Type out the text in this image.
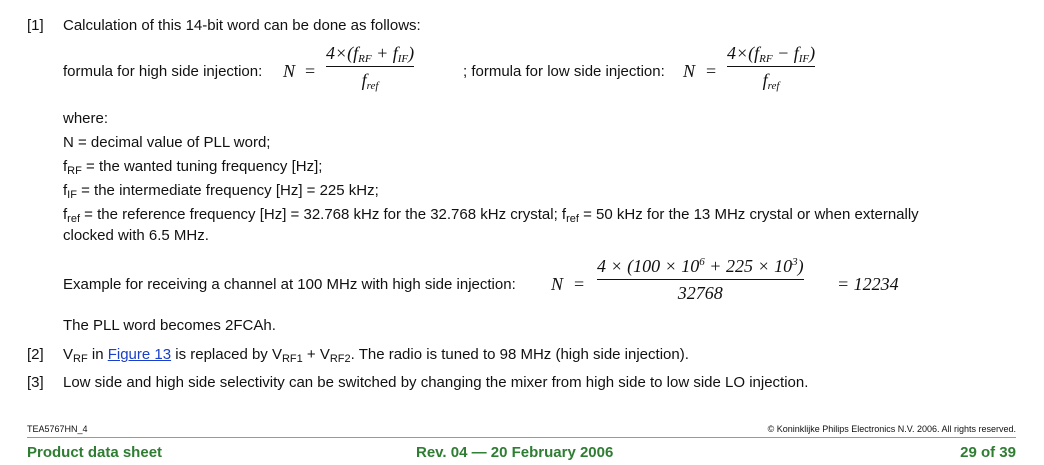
[1] Calculation of this 14-bit word can be done as follows:
formula for high side injection: N =
$4\times(f_{RF} + f_{IF})$
$f_{ref}$
; formula for low side injection: N =
$4\times(f_{RF} - f_{IF})$
$f_{ref}$
where:
N = decimal value of PLL word;
$f_{RF}$ = the wanted tuning frequency [Hz];
$f_{IF}$ = the intermediate frequency [Hz] = 225 kHz;
$f_{ref}$ = the reference frequency [Hz] = 32.768 kHz for the 32.768 kHz crystal; $f_{ref} = 50$ kHz for the 13 MHz crystal or when externally
clocked with 6.5 MHz.
Example for receiving a channel at 100 MHz with high side injection: N =
$4 \times (100 \times 10^6 + 225 \times 10^3)$
32768	= 12234
The PLL word becomes 2FCAh.
[2] $V_{RF}$ in Figure 13 is replaced by $V_{RF1} + V_{RF2}$. The radio is tuned to 98 MHz (high side injection).
[3] Low side and high side selectivity can be switched by changing the mixer from high side to low side LO injection.
TEA5767HN_4	© Koninklijke Philips Electronics N.V. 2006. All rights reserved.
Product data sheet	Rev. 04 — 20 February 2006	29 of 39
